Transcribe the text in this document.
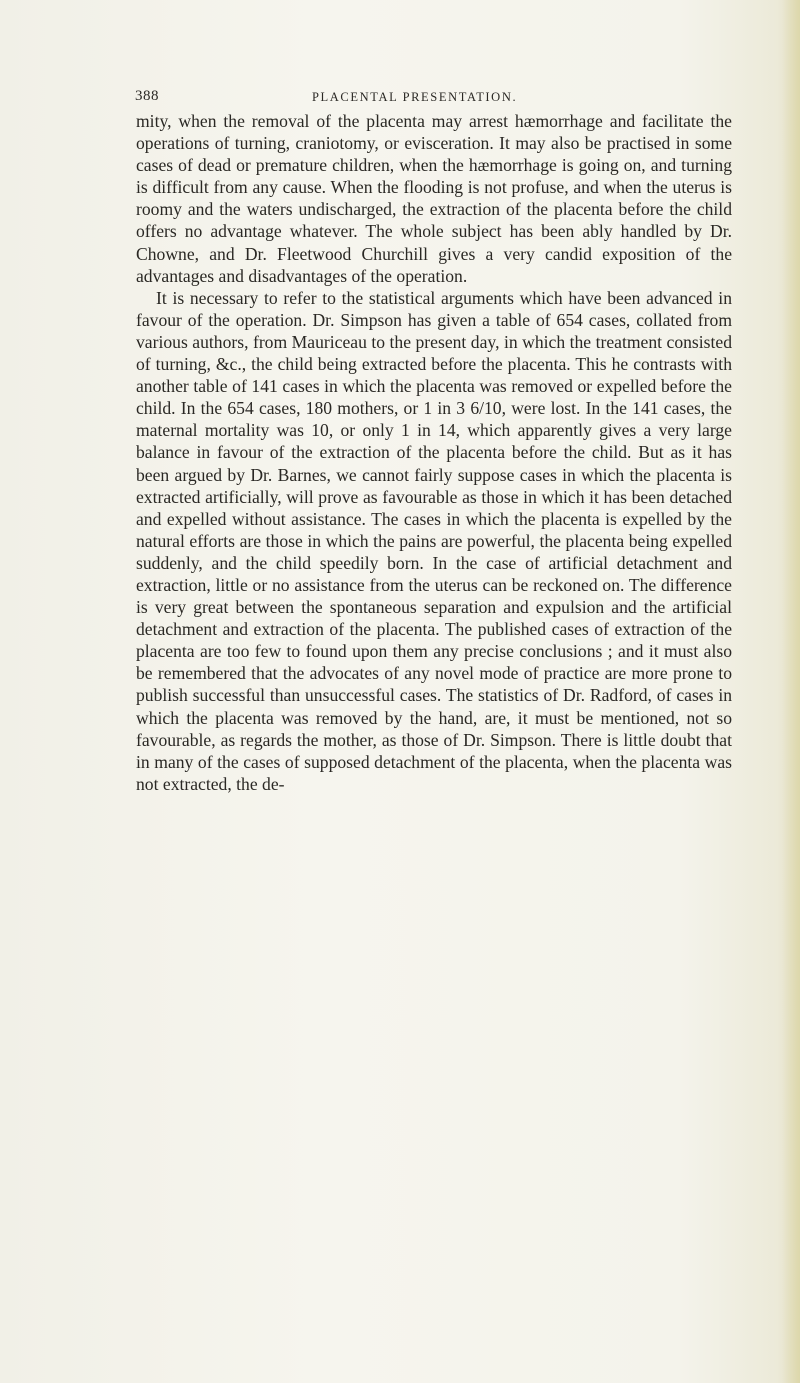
388	PLACENTAL PRESENTATION.

mity, when the removal of the placenta may arrest hæmorrhage and facilitate the operations of turning, craniotomy, or evisceration. It may also be practised in some cases of dead or premature children, when the hæmorrhage is going on, and turning is difficult from any cause. When the flooding is not profuse, and when the uterus is roomy and the waters undischarged, the extraction of the placenta before the child offers no advantage whatever. The whole subject has been ably handled by Dr. Chowne, and Dr. Fleetwood Churchill gives a very candid exposition of the advantages and disadvantages of the operation.

It is necessary to refer to the statistical arguments which have been advanced in favour of the operation. Dr. Simpson has given a table of 654 cases, collated from various authors, from Mauriceau to the present day, in which the treatment consisted of turning, &c., the child being extracted before the placenta. This he contrasts with another table of 141 cases in which the placenta was removed or expelled before the child. In the 654 cases, 180 mothers, or 1 in 3 6/10, were lost. In the 141 cases, the maternal mortality was 10, or only 1 in 14, which apparently gives a very large balance in favour of the extraction of the placenta before the child. But as it has been argued by Dr. Barnes, we cannot fairly suppose cases in which the placenta is extracted artificially, will prove as favourable as those in which it has been detached and expelled without assistance. The cases in which the placenta is expelled by the natural efforts are those in which the pains are powerful, the placenta being expelled suddenly, and the child speedily born. In the case of artificial detachment and extraction, little or no assistance from the uterus can be reckoned on. The difference is very great between the spontaneous separation and expulsion and the artificial detachment and extraction of the placenta. The published cases of extraction of the placenta are too few to found upon them any precise conclusions ; and it must also be remembered that the advocates of any novel mode of practice are more prone to publish successful than unsuccessful cases. The statistics of Dr. Radford, of cases in which the placenta was removed by the hand, are, it must be mentioned, not so favourable, as regards the mother, as those of Dr. Simpson. There is little doubt that in many of the cases of supposed detachment of the placenta, when the placenta was not extracted, the de-
